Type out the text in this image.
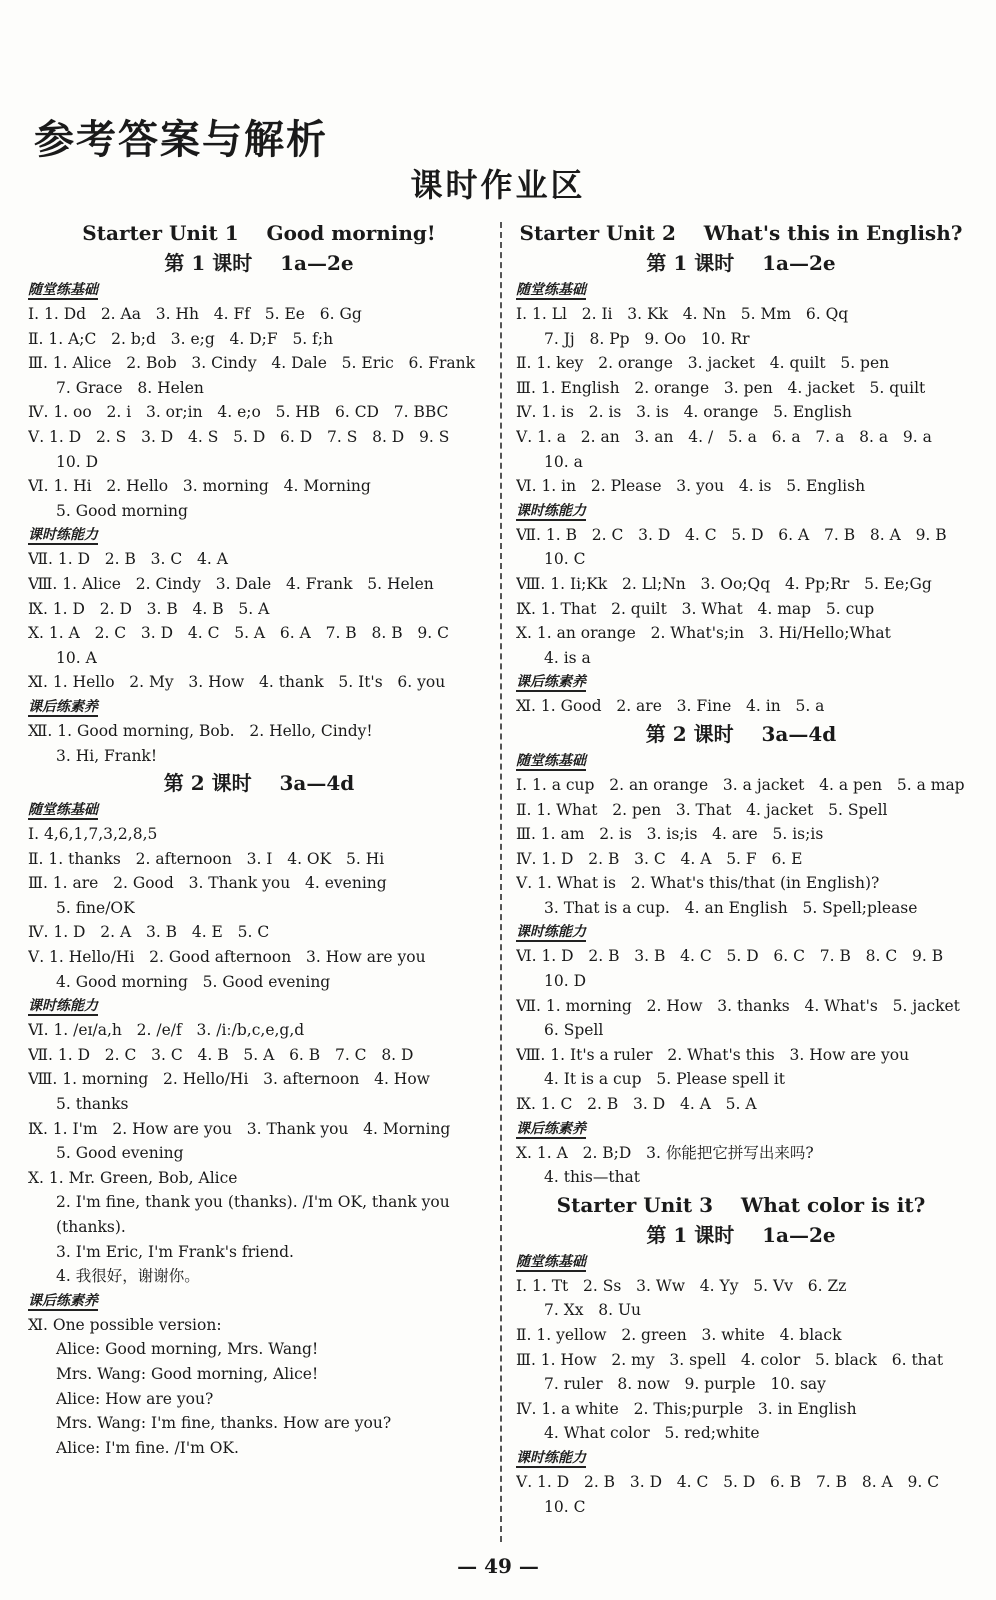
参考答案与解析
课时作业区
Starter Unit 1    Good morning!
第 1 课时    1a—2e
随堂练基础
Ⅰ. 1. Dd   2. Aa   3. Hh   4. Ff   5. Ee   6. Gg
Ⅱ. 1. A;C   2. b;d   3. e;g   4. D;F   5. f;h
Ⅲ. 1. Alice   2. Bob   3. Cindy   4. Dale   5. Eric   6. Frank
7. Grace   8. Helen
Ⅳ. 1. oo   2. i   3. or;in   4. e;o   5. HB   6. CD   7. BBC
Ⅴ. 1. D   2. S   3. D   4. S   5. D   6. D   7. S   8. D   9. S
10. D
Ⅵ. 1. Hi   2. Hello   3. morning   4. Morning
5. Good morning
课时练能力
Ⅶ. 1. D   2. B   3. C   4. A
Ⅷ. 1. Alice   2. Cindy   3. Dale   4. Frank   5. Helen
Ⅸ. 1. D   2. D   3. B   4. B   5. A
Ⅹ. 1. A   2. C   3. D   4. C   5. A   6. A   7. B   8. B   9. C
10. A
Ⅺ. 1. Hello   2. My   3. How   4. thank   5. It's   6. you
课后练素养
Ⅻ. 1. Good morning, Bob.   2. Hello, Cindy!
3. Hi, Frank!
第 2 课时    3a—4d
随堂练基础
Ⅰ. 4,6,1,7,3,2,8,5
Ⅱ. 1. thanks   2. afternoon   3. I   4. OK   5. Hi
Ⅲ. 1. are   2. Good   3. Thank you   4. evening
5. fine/OK
Ⅳ. 1. D   2. A   3. B   4. E   5. C
Ⅴ. 1. Hello/Hi   2. Good afternoon   3. How are you
4. Good morning   5. Good evening
课时练能力
Ⅵ. 1. /eɪ/a,h   2. /e/f   3. /iː/b,c,e,g,d
Ⅶ. 1. D   2. C   3. C   4. B   5. A   6. B   7. C   8. D
Ⅷ. 1. morning   2. Hello/Hi   3. afternoon   4. How
5. thanks
Ⅸ. 1. I'm   2. How are you   3. Thank you   4. Morning
5. Good evening
Ⅹ. 1. Mr. Green, Bob, Alice
2. I'm fine, thank you (thanks). /I'm OK, thank you
(thanks).
3. I'm Eric, I'm Frank's friend.
4. 我很好，谢谢你。
课后练素养
Ⅺ. One possible version:
Alice: Good morning, Mrs. Wang!
Mrs. Wang: Good morning, Alice!
Alice: How are you?
Mrs. Wang: I'm fine, thanks. How are you?
Alice: I'm fine. /I'm OK.
Starter Unit 2    What's this in English?
第 1 课时    1a—2e
随堂练基础
Ⅰ. 1. Ll   2. Ii   3. Kk   4. Nn   5. Mm   6. Qq
7. Jj   8. Pp   9. Oo   10. Rr
Ⅱ. 1. key   2. orange   3. jacket   4. quilt   5. pen
Ⅲ. 1. English   2. orange   3. pen   4. jacket   5. quilt
Ⅳ. 1. is   2. is   3. is   4. orange   5. English
Ⅴ. 1. a   2. an   3. an   4. /   5. a   6. a   7. a   8. a   9. a
10. a
Ⅵ. 1. in   2. Please   3. you   4. is   5. English
课时练能力
Ⅶ. 1. B   2. C   3. D   4. C   5. D   6. A   7. B   8. A   9. B
10. C
Ⅷ. 1. Ii;Kk   2. Ll;Nn   3. Oo;Qq   4. Pp;Rr   5. Ee;Gg
Ⅸ. 1. That   2. quilt   3. What   4. map   5. cup
Ⅹ. 1. an orange   2. What's;in   3. Hi/Hello;What
4. is a
课后练素养
Ⅺ. 1. Good   2. are   3. Fine   4. in   5. a
第 2 课时    3a—4d
随堂练基础
Ⅰ. 1. a cup   2. an orange   3. a jacket   4. a pen   5. a map
Ⅱ. 1. What   2. pen   3. That   4. jacket   5. Spell
Ⅲ. 1. am   2. is   3. is;is   4. are   5. is;is
Ⅳ. 1. D   2. B   3. C   4. A   5. F   6. E
Ⅴ. 1. What is   2. What's this/that (in English)?
3. That is a cup.   4. an English   5. Spell;please
课时练能力
Ⅵ. 1. D   2. B   3. B   4. C   5. D   6. C   7. B   8. C   9. B
10. D
Ⅶ. 1. morning   2. How   3. thanks   4. What's   5. jacket
6. Spell
Ⅷ. 1. It's a ruler   2. What's this   3. How are you
4. It is a cup   5. Please spell it
Ⅸ. 1. C   2. B   3. D   4. A   5. A
课后练素养
Ⅹ. 1. A   2. B;D   3. 你能把它拼写出来吗?
4. this—that
Starter Unit 3    What color is it?
第 1 课时    1a—2e
随堂练基础
Ⅰ. 1. Tt   2. Ss   3. Ww   4. Yy   5. Vv   6. Zz
7. Xx   8. Uu
Ⅱ. 1. yellow   2. green   3. white   4. black
Ⅲ. 1. How   2. my   3. spell   4. color   5. black   6. that
7. ruler   8. now   9. purple   10. say
Ⅳ. 1. a white   2. This;purple   3. in English
4. What color   5. red;white
课时练能力
Ⅴ. 1. D   2. B   3. D   4. C   5. D   6. B   7. B   8. A   9. C
10. C
— 49 —
